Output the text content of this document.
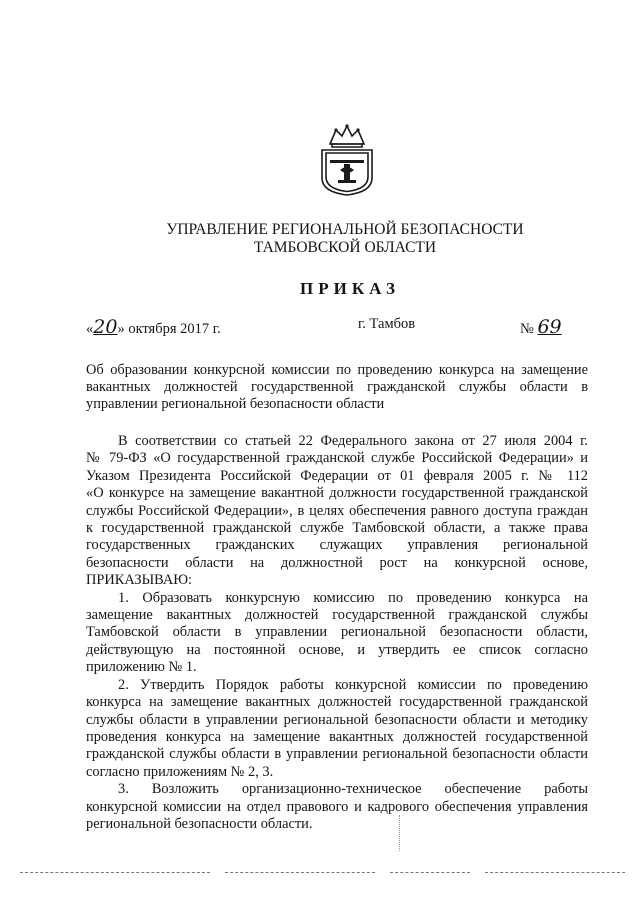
УПРАВЛЕНИЕ РЕГИОНАЛЬНОЙ БЕЗОПАСНОСТИ
ТАМБОВСКОЙ ОБЛАСТИ
ПРИКАЗ
«20» октября 2017 г.	г. Тамбов	№ 69
Об образовании конкурсной комиссии по проведению конкурса на замещение
вакантных должностей государственной гражданской службы области в
управлении региональной безопасности области
В соответствии со статьей 22 Федерального закона от 27 июля 2004 г.
№ 79-ФЗ «О государственной гражданской службе Российской Федерации» и
Указом Президента Российской Федерации от 01 февраля 2005 г. № 112
«О конкурсе на замещение вакантной должности государственной гражданской
службы Российской Федерации», в целях обеспечения равного доступа граждан
к государственной гражданской службе Тамбовской области, а также права
государственных гражданских служащих управления региональной
безопасности области на должностной рост на конкурсной основе,
ПРИКАЗЫВАЮ:
1. Образовать конкурсную комиссию по проведению конкурса на
замещение вакантных должностей государственной гражданской службы
Тамбовской области в управлении региональной безопасности области,
действующую на постоянной основе, и утвердить ее список согласно
приложению № 1.
2. Утвердить Порядок работы конкурсной комиссии по проведению
конкурса на замещение вакантных должностей государственной гражданской
службы области в управлении региональной безопасности области и методику
проведения конкурса на замещение вакантных должностей государственной
гражданской службы области в управлении региональной безопасности области
согласно приложениям № 2, 3.
3. Возложить организационно-техническое обеспечение работы
конкурсной комиссии на отдел правового и кадрового обеспечения управления
региональной безопасности области.
